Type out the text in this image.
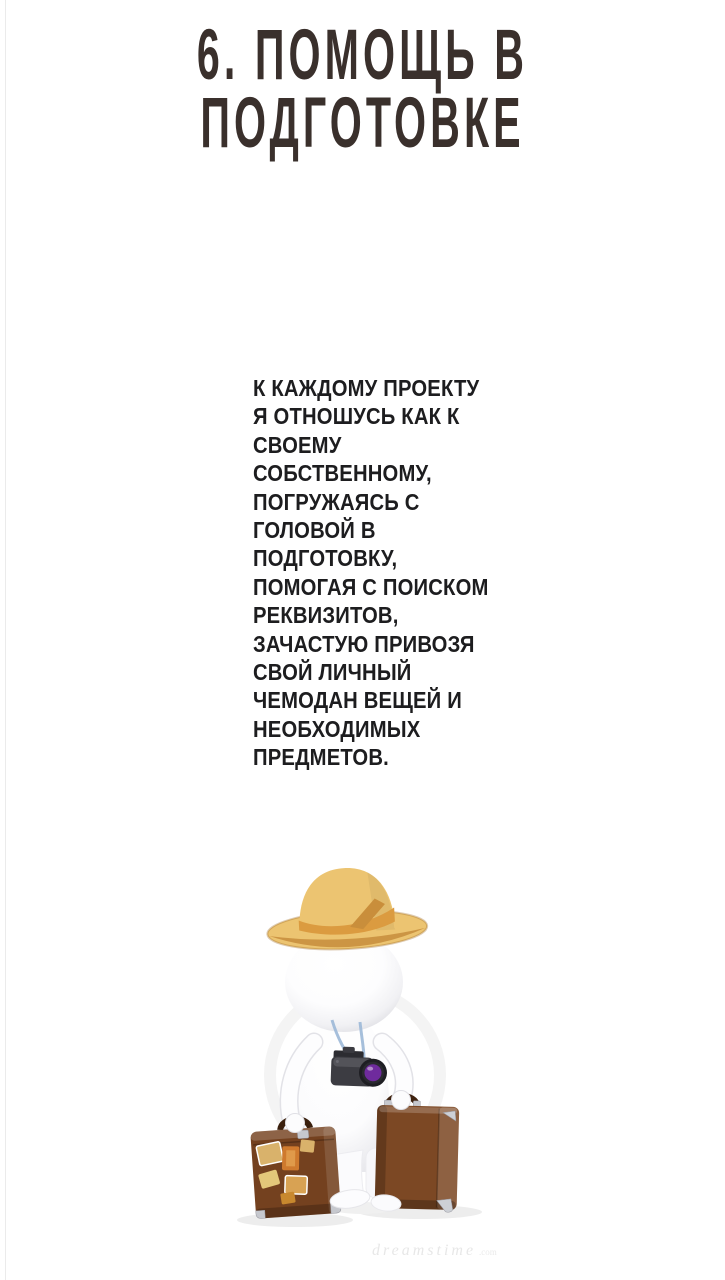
6. ПОМОЩЬ В
ПОДГОТОВКЕ
К КАЖДОМУ ПРОЕКТУ
Я ОТНОШУСЬ КАК К
СВОЕМУ
СОБСТВЕННОМУ,
ПОГРУЖАЯСЬ С
ГОЛОВОЙ В
ПОДГОТОВКУ,
ПОМОГАЯ С ПОИСКОМ
РЕКВИЗИТОВ,
ЗАЧАСТУЮ ПРИВОЗЯ
СВОЙ ЛИЧНЫЙ
ЧЕМОДАН ВЕЩЕЙ И
НЕОБХОДИМЫХ
ПРЕДМЕТОВ.
dreamstime .com
